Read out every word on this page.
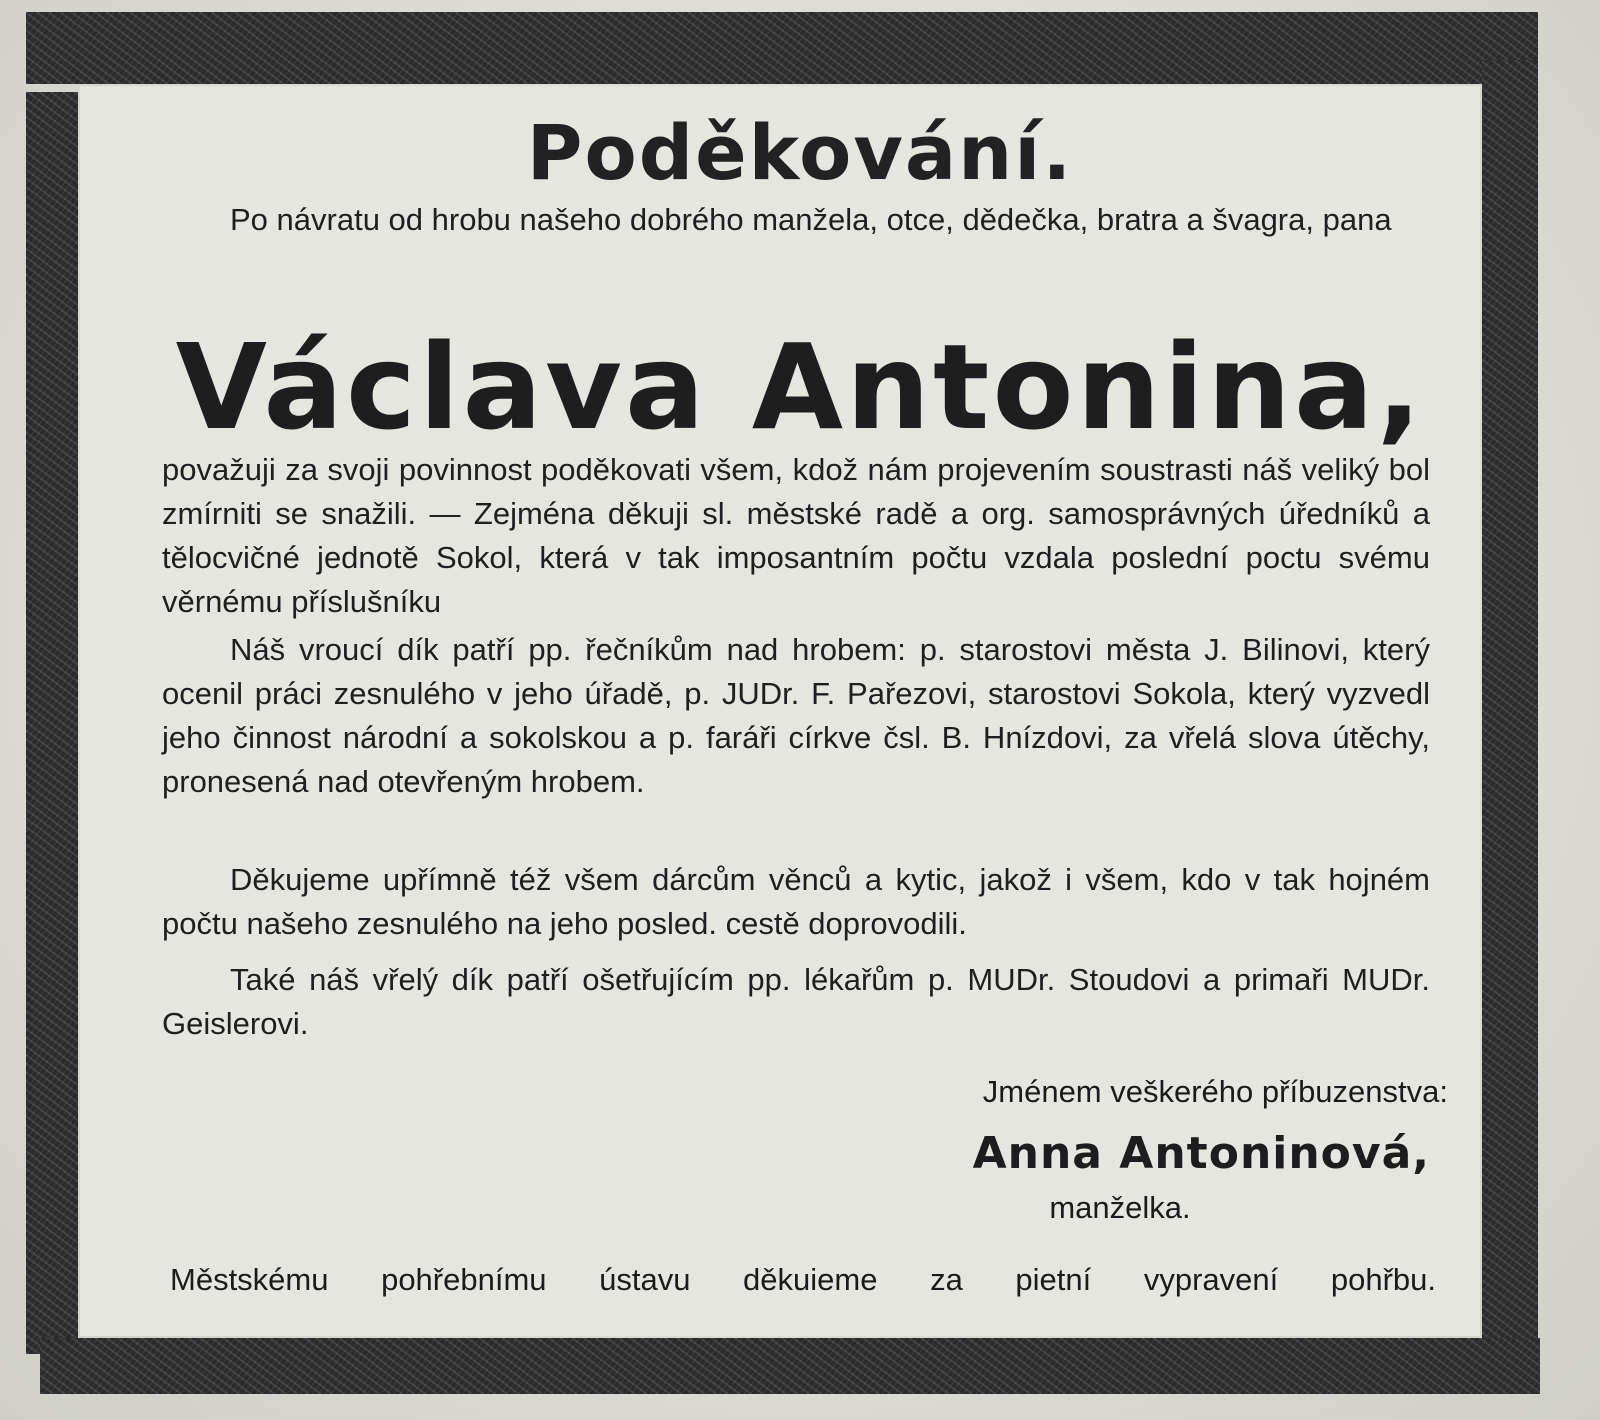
Poděkování.
Po návratu od hrobu našeho dobrého manžela, otce, dědečka, bratra a švagra, pana
Václava Antonina,
považuji za svoji povinnost poděkovati všem, kdož nám projevením soustrasti náš veliký bol zmírniti se snažili. — Zejména děkuji sl. městské radě a org. samosprávných úředníků a tělocvičné jednotě Sokol, která v tak imposantním počtu vzdala poslední poctu svému věrnému příslušníku
Náš vroucí dík patří pp. řečníkům nad hrobem: p. starostovi města J. Bilinovi, který ocenil práci zesnulého v jeho úřadě, p. JUDr. F. Pařezovi, starostovi Sokola, který vyzvedl jeho činnost národní a sokolskou a p. faráři církve čsl. B. Hnízdovi, za vřelá slova útěchy, pronesená nad otevřeným hrobem.
Děkujeme upřímně též všem dárcům věnců a kytic, jakož i všem, kdo v tak hojném počtu našeho zesnulého na jeho posled. cestě doprovodili.
Také náš vřelý dík patří ošetřujícím pp. lékařům p. MUDr. Stoudovi a primaři MUDr. Geislerovi.
Jménem veškerého příbuzenstva:
Anna Antoninová,
manželka.
Městskému pohřebnímu ústavu děkuieme za pietní vypravení pohřbu.
